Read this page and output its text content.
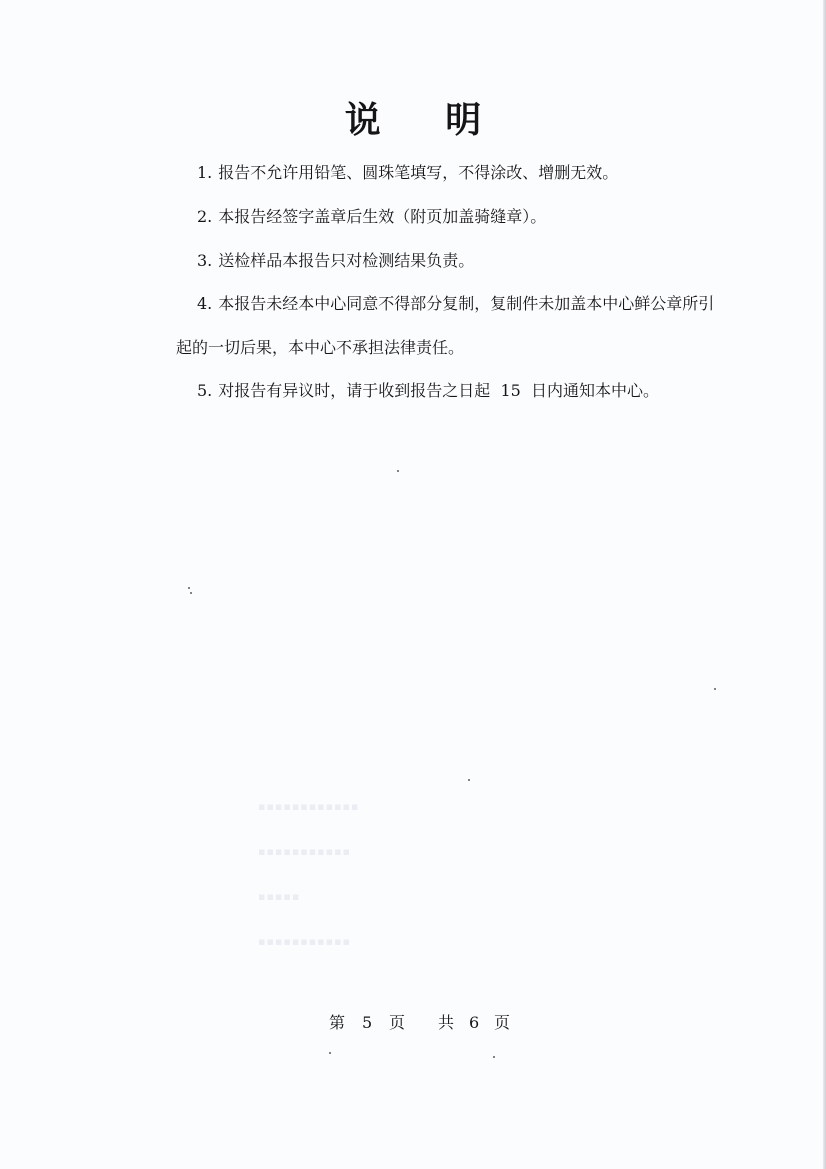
说 明
1. 报告不允许用铅笔、圆珠笔填写，不得涂改、增删无效。
2. 本报告经签字盖章后生效（附页加盖骑缝章）。
3. 送检样品本报告只对检测结果负责。
4. 本报告未经本中心同意不得部分复制，复制件未加盖本中心鲜公章所引
起的一切后果，本中心不承担法律责任。
5. 对报告有异议时，请于收到报告之日起  15  日内通知本中心。
▪▪▪▪▪▪▪▪▪▪▪▪
▪▪▪▪▪▪▪▪▪▪▪
▪▪▪▪▪
▪▪▪▪▪▪▪▪▪▪▪
第 5 页 共 6 页
